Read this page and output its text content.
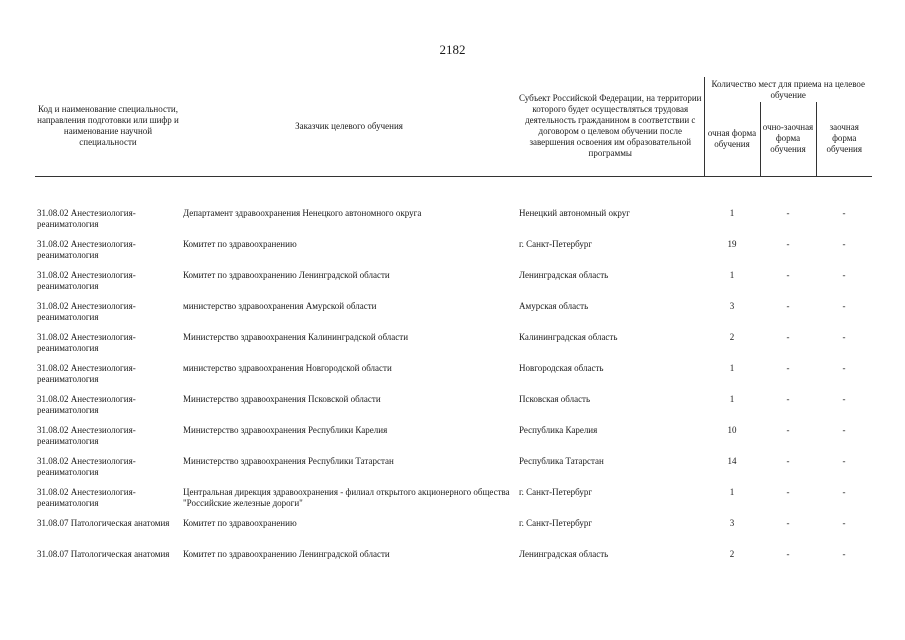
2182
Код и наименование специальности, направления подготовки или шифр и наименование научной специальности	Заказчик целевого обучения	Субъект Российской Федерации, на территории которого будет осуществляться трудовая деятельность гражданином в соответствии с договором о целевом обучении после завершения освоения им образовательной программы	Количество мест для приема на целевое обучение		
			очная форма обучения	очно-заочная форма обучения	заочная форма обучения

31.08.02 Анестезиология-реаниматология	Департамент здравоохранения Ненецкого автономного округа	Ненецкий автономный округ	1	-	-
31.08.02 Анестезиология-реаниматология	Комитет по здравоохранению	г. Санкт-Петербург	19	-	-
31.08.02 Анестезиология-реаниматология	Комитет по здравоохранению Ленинградской области	Ленинградская область	1	-	-
31.08.02 Анестезиология-реаниматология	министерство здравоохранения Амурской области	Амурская область	3	-	-
31.08.02 Анестезиология-реаниматология	Министерство здравоохранения Калининградской области	Калининградская область	2	-	-
31.08.02 Анестезиология-реаниматология	министерство здравоохранения Новгородской области	Новгородская область	1	-	-
31.08.02 Анестезиология-реаниматология	Министерство здравоохранения Псковской области	Псковская область	1	-	-
31.08.02 Анестезиология-реаниматология	Министерство здравоохранения Республики Карелия	Республика Карелия	10	-	-
31.08.02 Анестезиология-реаниматология	Министерство здравоохранения Республики Татарстан	Республика Татарстан	14	-	-
31.08.02 Анестезиология-реаниматология	Центральная дирекция здравоохранения - филиал открытого акционерного общества "Российские железные дороги"	г. Санкт-Петербург	1	-	-
31.08.07 Патологическая анатомия	Комитет по здравоохранению	г. Санкт-Петербург	3	-	-
31.08.07 Патологическая анатомия	Комитет по здравоохранению Ленинградской области	Ленинградская область	2	-	-
